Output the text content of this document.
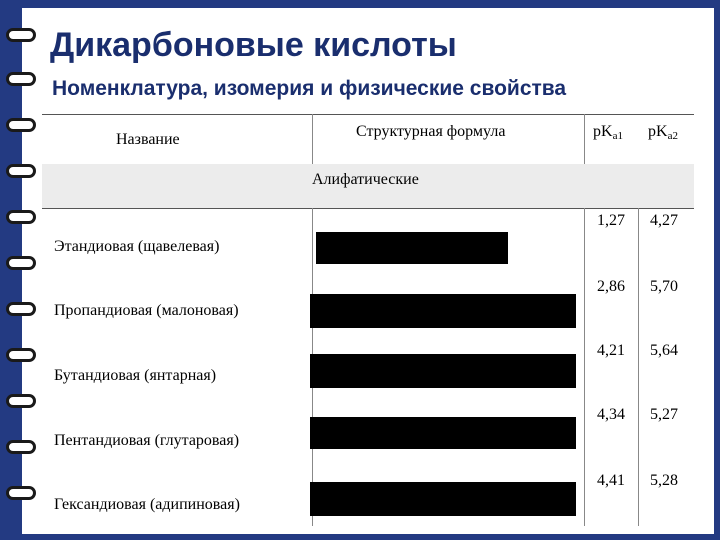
Дикарбоновые кислоты
Номенклатура, изомерия и физические свойства
Название	Структурная формула	$pK_{a1}$ $pK_{a2}$
Алифатические
Этандиовая (щавелевая)
1,27 4,27
Пропандиовая (малоновая)
2,86 5,70
Бутандиовая (янтарная)
4,21 5,64
Пентандиовая (глутаровая)
4,34 5,27
Гександиовая (адипиновая)
4,41 5,28
